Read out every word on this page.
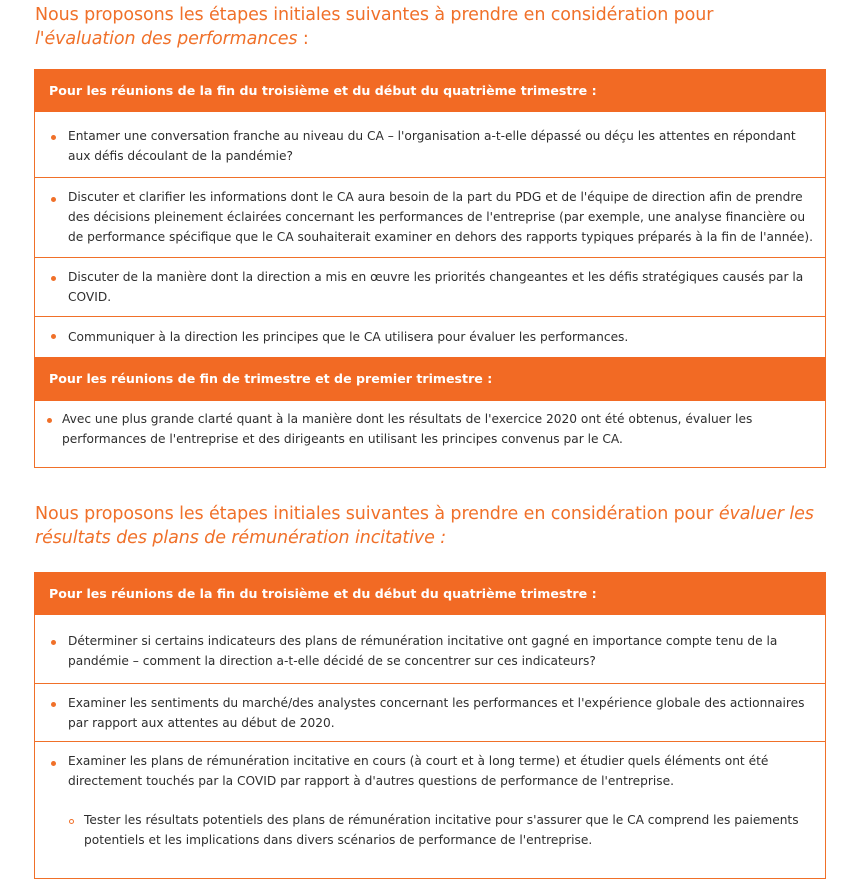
Nous proposons les étapes initiales suivantes à prendre en considération pour
l'évaluation des performances :
Pour les réunions de la fin du troisième et du début du quatrième trimestre :
Entamer une conversation franche au niveau du CA – l'organisation a-t-elle dépassé ou déçu les attentes en répondant aux défis découlant de la pandémie?
Discuter et clarifier les informations dont le CA aura besoin de la part du PDG et de l'équipe de direction afin de prendre des décisions pleinement éclairées concernant les performances de l'entreprise (par exemple, une analyse financière ou de performance spécifique que le CA souhaiterait examiner en dehors des rapports typiques préparés à la fin de l'année).
Discuter de la manière dont la direction a mis en œuvre les priorités changeantes et les défis stratégiques causés par la COVID.
Communiquer à la direction les principes que le CA utilisera pour évaluer les performances.
Pour les réunions de fin de trimestre et de premier trimestre :
Avec une plus grande clarté quant à la manière dont les résultats de l'exercice 2020 ont été obtenus, évaluer les performances de l'entreprise et des dirigeants en utilisant les principes convenus par le CA.
Nous proposons les étapes initiales suivantes à prendre en considération pour évaluer les
résultats des plans de rémunération incitative :
Pour les réunions de la fin du troisième et du début du quatrième trimestre :
Déterminer si certains indicateurs des plans de rémunération incitative ont gagné en importance compte tenu de la pandémie – comment la direction a-t-elle décidé de se concentrer sur ces indicateurs?
Examiner les sentiments du marché/des analystes concernant les performances et l'expérience globale des actionnaires par rapport aux attentes au début de 2020.
Examiner les plans de rémunération incitative en cours (à court et à long terme) et étudier quels éléments ont été directement touchés par la COVID par rapport à d'autres questions de performance de l'entreprise.
Tester les résultats potentiels des plans de rémunération incitative pour s'assurer que le CA comprend les paiements potentiels et les implications dans divers scénarios de performance de l'entreprise.
